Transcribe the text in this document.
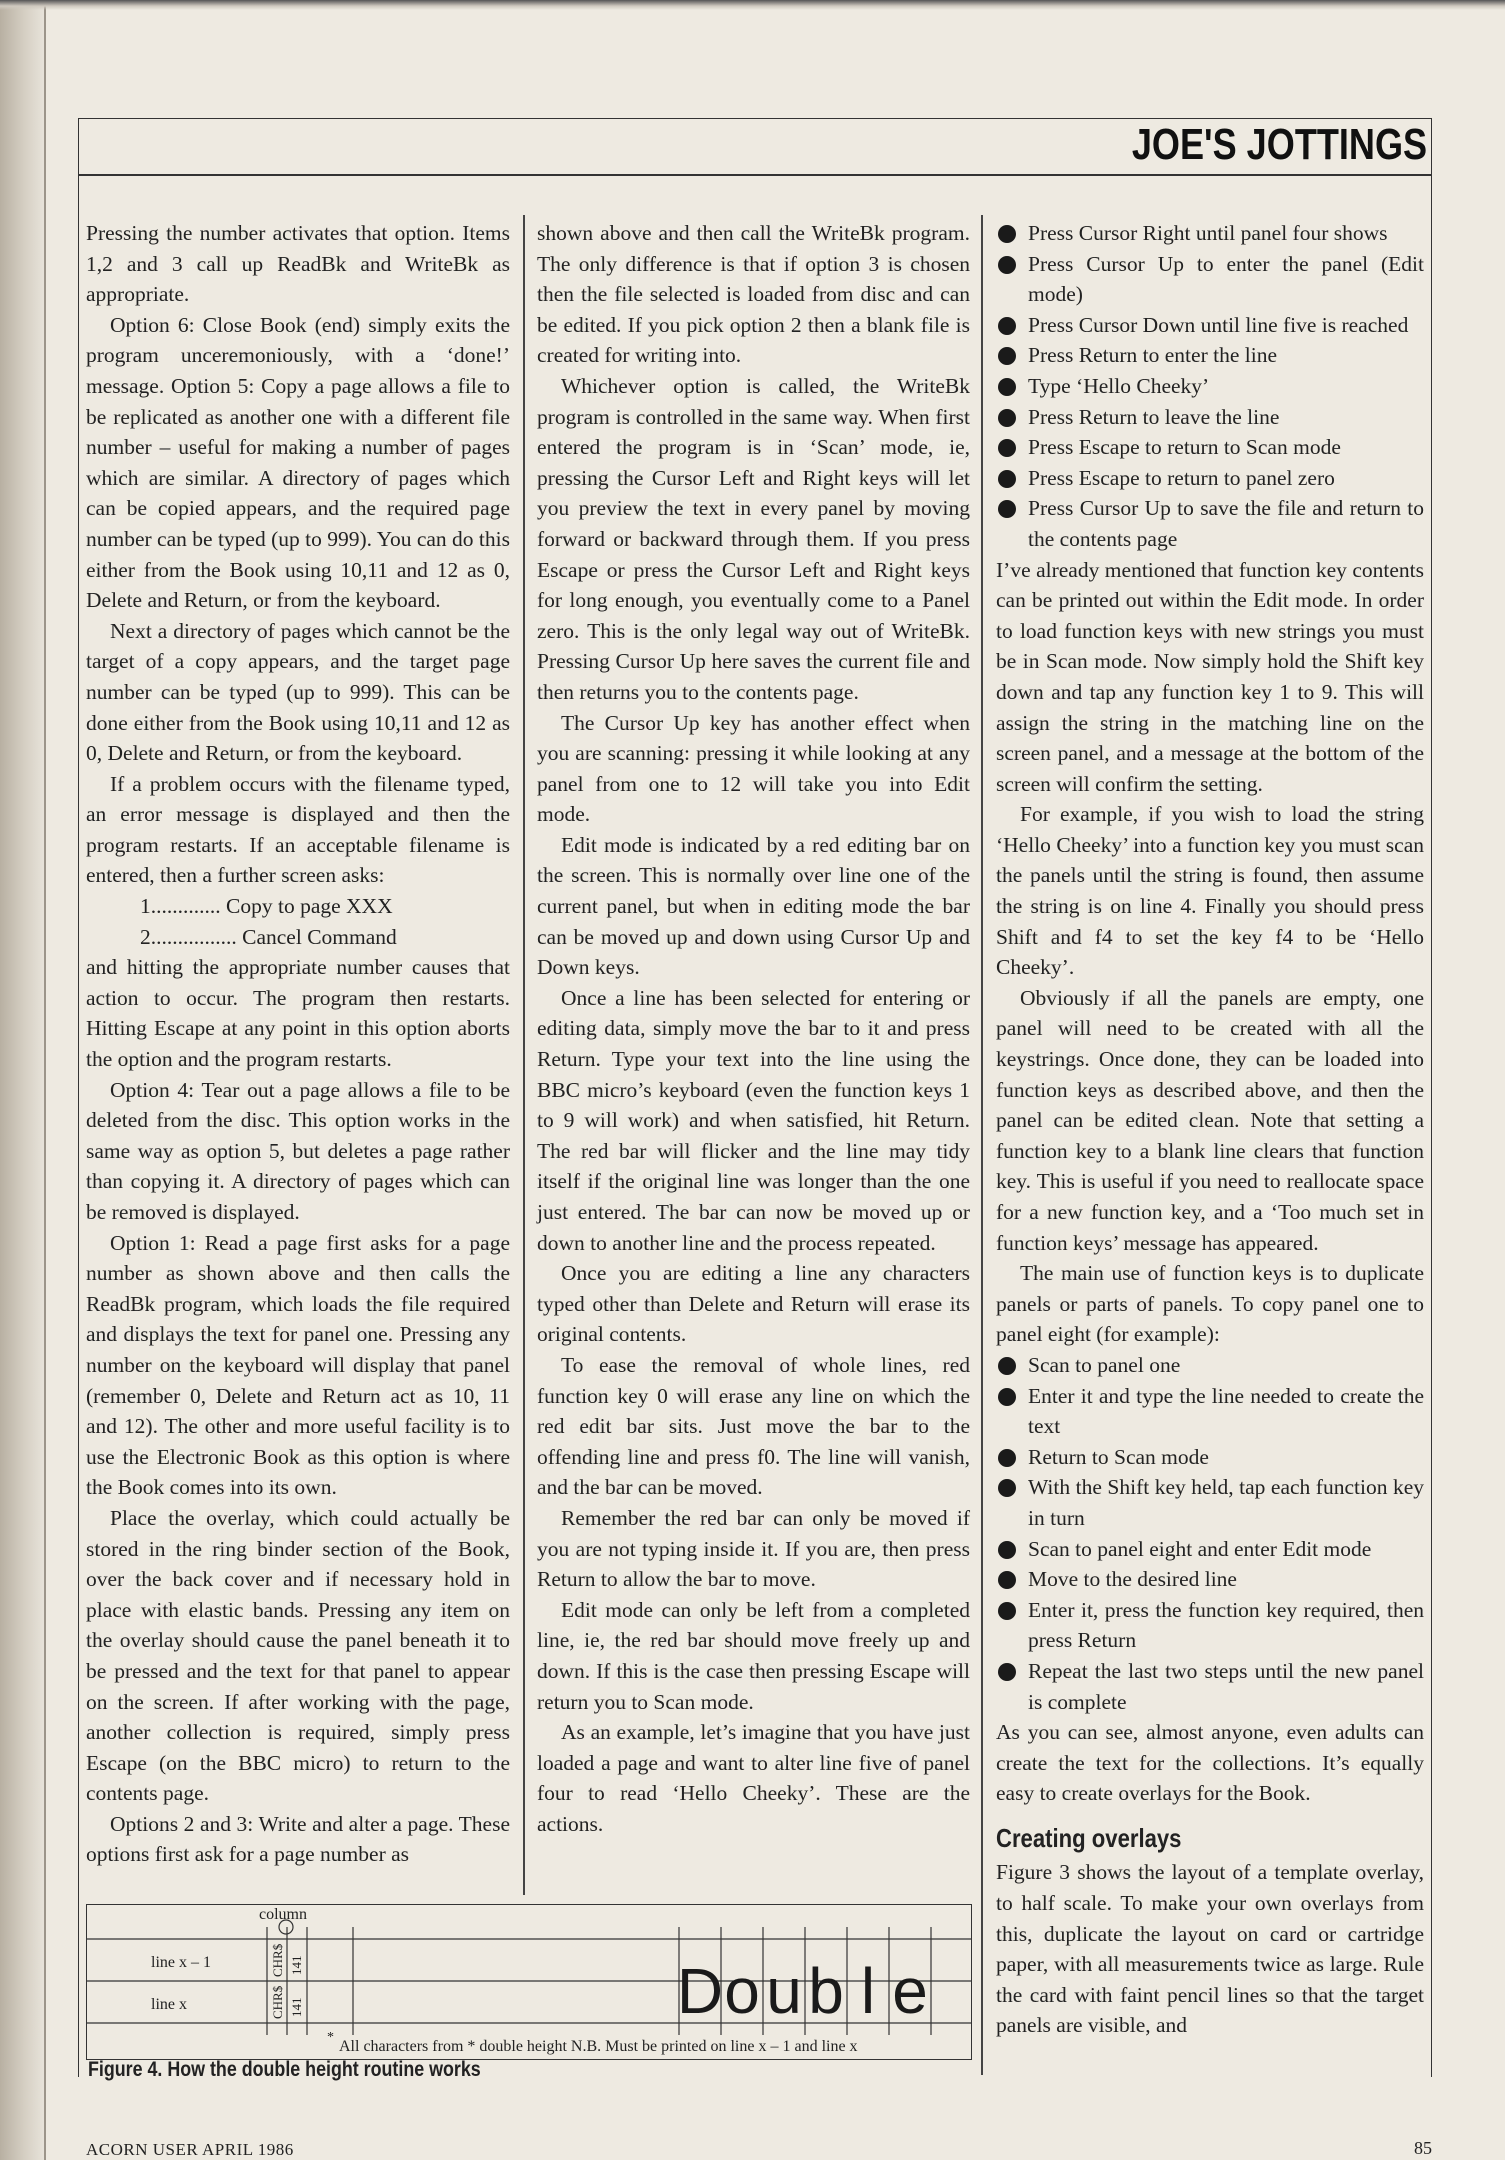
JOE'S JOTTINGS

Pressing the number activates that option. Items 1,2 and 3 call up ReadBk and WriteBk as appropriate.

Option 6: Close Book (end) simply exits the program unceremoniously, with a ‘done!’ message. Option 5: Copy a page allows a file to be replicated as another one with a different file number – useful for making a number of pages which are similar. A directory of pages which can be copied appears, and the required page number can be typed (up to 999). You can do this either from the Book using 10,11 and 12 as 0, Delete and Return, or from the keyboard.

Next a directory of pages which cannot be the target of a copy appears, and the target page number can be typed (up to 999). This can be done either from the Book using 10,11 and 12 as 0, Delete and Return, or from the keyboard.

If a problem occurs with the filename typed, an error message is displayed and then the program restarts. If an acceptable filename is entered, then a further screen asks:

1............. Copy to page XXX

2................ Cancel Command

and hitting the appropriate number causes that action to occur. The program then restarts. Hitting Escape at any point in this option aborts the option and the program restarts.

Option 4: Tear out a page allows a file to be deleted from the disc. This option works in the same way as option 5, but deletes a page rather than copying it. A directory of pages which can be removed is displayed.

Option 1: Read a page first asks for a page number as shown above and then calls the ReadBk program, which loads the file required and displays the text for panel one. Pressing any number on the keyboard will display that panel (remember 0, Delete and Return act as 10, 11 and 12). The other and more useful facility is to use the Electronic Book as this option is where the Book comes into its own.

Place the overlay, which could actually be stored in the ring binder section of the Book, over the back cover and if necessary hold in place with elastic bands. Pressing any item on the overlay should cause the panel beneath it to be pressed and the text for that panel to appear on the screen. If after working with the page, another collection is required, simply press Escape (on the BBC micro) to return to the contents page.

Options 2 and 3: Write and alter a page. These options first ask for a page number as

shown above and then call the WriteBk program. The only difference is that if option 3 is chosen then the file selected is loaded from disc and can be edited. If you pick option 2 then a blank file is created for writing into.

Whichever option is called, the WriteBk program is controlled in the same way. When first entered the program is in ‘Scan’ mode, ie, pressing the Cursor Left and Right keys will let you preview the text in every panel by moving forward or backward through them. If you press Escape or press the Cursor Left and Right keys for long enough, you eventually come to a Panel zero. This is the only legal way out of WriteBk. Pressing Cursor Up here saves the current file and then returns you to the contents page.

The Cursor Up key has another effect when you are scanning: pressing it while looking at any panel from one to 12 will take you into Edit mode.

Edit mode is indicated by a red editing bar on the screen. This is normally over line one of the current panel, but when in editing mode the bar can be moved up and down using Cursor Up and Down keys.

Once a line has been selected for entering or editing data, simply move the bar to it and press Return. Type your text into the line using the BBC micro’s keyboard (even the function keys 1 to 9 will work) and when satisfied, hit Return. The red bar will flicker and the line may tidy itself if the original line was longer than the one just entered. The bar can now be moved up or down to another line and the process repeated.

Once you are editing a line any characters typed other than Delete and Return will erase its original contents.

To ease the removal of whole lines, red function key 0 will erase any line on which the red edit bar sits. Just move the bar to the offending line and press f0. The line will vanish, and the bar can be moved.

Remember the red bar can only be moved if you are not typing inside it. If you are, then press Return to allow the bar to move.

Edit mode can only be left from a completed line, ie, the red bar should move freely up and down. If this is the case then pressing Escape will return you to Scan mode.

As an example, let’s imagine that you have just loaded a page and want to alter line five of panel four to read ‘Hello Cheeky’. These are the actions.

Press Cursor Right until panel four shows
Press Cursor Up to enter the panel (Edit mode)
Press Cursor Down until line five is reached
Press Return to enter the line
Type ‘Hello Cheeky’
Press Return to leave the line
Press Escape to return to Scan mode
Press Escape to return to panel zero
Press Cursor Up to save the file and return to the contents page

I’ve already mentioned that function key contents can be printed out within the Edit mode. In order to load function keys with new strings you must be in Scan mode. Now simply hold the Shift key down and tap any function key 1 to 9. This will assign the string in the matching line on the screen panel, and a message at the bottom of the screen will confirm the setting.

For example, if you wish to load the string ‘Hello Cheeky’ into a function key you must scan the panels until the string is found, then assume the string is on line 4. Finally you should press Shift and f4 to set the key f4 to be ‘Hello Cheeky’.

Obviously if all the panels are empty, one panel will need to be created with all the keystrings. Once done, they can be loaded into function keys as described above, and then the panel can be edited clean. Note that setting a function key to a blank line clears that function key. This is useful if you need to reallocate space for a new function key, and a ‘Too much set in function keys’ message has appeared.

The main use of function keys is to duplicate panels or parts of panels. To copy panel one to panel eight (for example):

Scan to panel one
Enter it and type the line needed to create the text
Return to Scan mode
With the Shift key held, tap each function key in turn
Scan to panel eight and enter Edit mode
Move to the desired line
Enter it, press the function key required, then press Return
Repeat the last two steps until the new panel is complete

As you can see, almost anyone, even adults can create the text for the collections. It’s equally easy to create overlays for the Book.

Creating overlays

Figure 3 shows the layout of a template overlay, to half scale. To make your own overlays from this, duplicate the layout on card or cartridge paper, with all measurements twice as large. Rule the card with faint pencil lines so that the target panels are visible, and

column
line x – 1
line x
CHR$ 141
CHR$ 141	D o u b l e
*
All characters from * double height N.B. Must be printed on line x – 1 and line x
Figure 4. How the double height routine works
ACORN USER APRIL 1986	85
